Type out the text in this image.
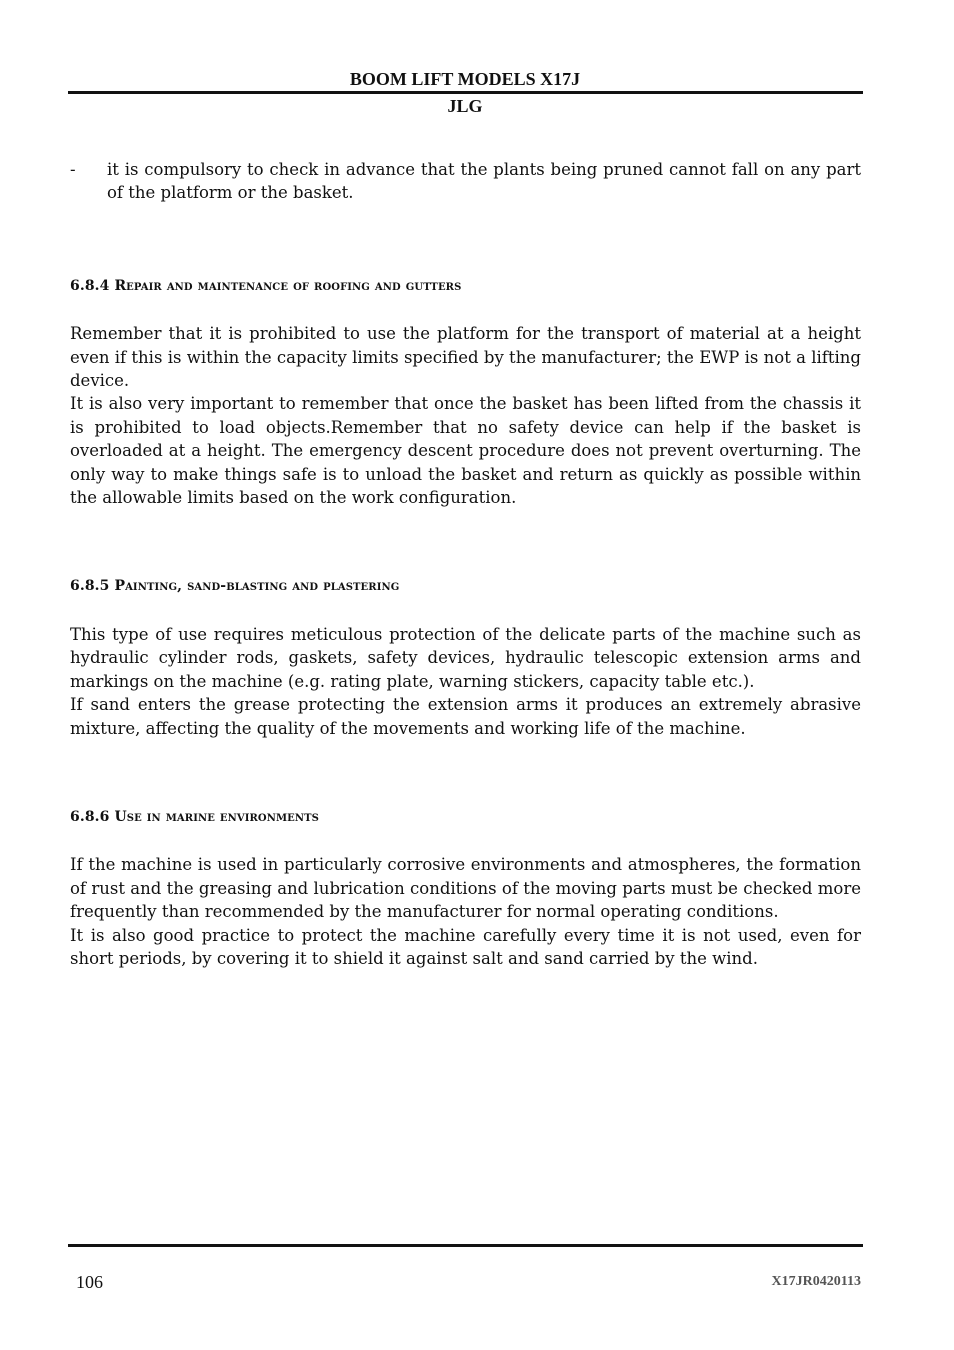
BOOM LIFT MODELS X17J
JLG
-	it is compulsory to check in advance that the plants being pruned cannot fall on any part of the platform or the basket.
6.8.4 Repair and maintenance of roofing and gutters

Remember that it is prohibited to use the platform for the transport of material at a height even if this is within the capacity limits specified by the manufacturer; the EWP is not a lifting device.

It is also very important to remember that once the basket has been lifted from the chassis it is prohibited to load objects.Remember that no safety device can help if the basket is overloaded at a height. The emergency descent procedure does not prevent overturning. The only way to make things safe is to unload the basket and return as quickly as possible within the allowable limits based on the work configuration.

6.8.5 Painting, sand-blasting and plastering

This type of use requires meticulous protection of the delicate parts of the machine such as hydraulic cylinder rods, gaskets, safety devices, hydraulic telescopic extension arms and markings on the machine (e.g. rating plate, warning stickers, capacity table etc.).

If sand enters the grease protecting the extension arms it produces an extremely abrasive mixture, affecting the quality of the movements and working life of the machine.

6.8.6 Use in marine environments

If the machine is used in particularly corrosive environments and atmospheres, the formation of rust and the greasing and lubrication conditions of the moving parts must be checked more frequently than recommended by the manufacturer for normal operating conditions.

It is also good practice to protect the machine carefully every time it is not used, even for short periods, by covering it to shield it against salt and sand carried by the wind.

106	X17JR0420113
